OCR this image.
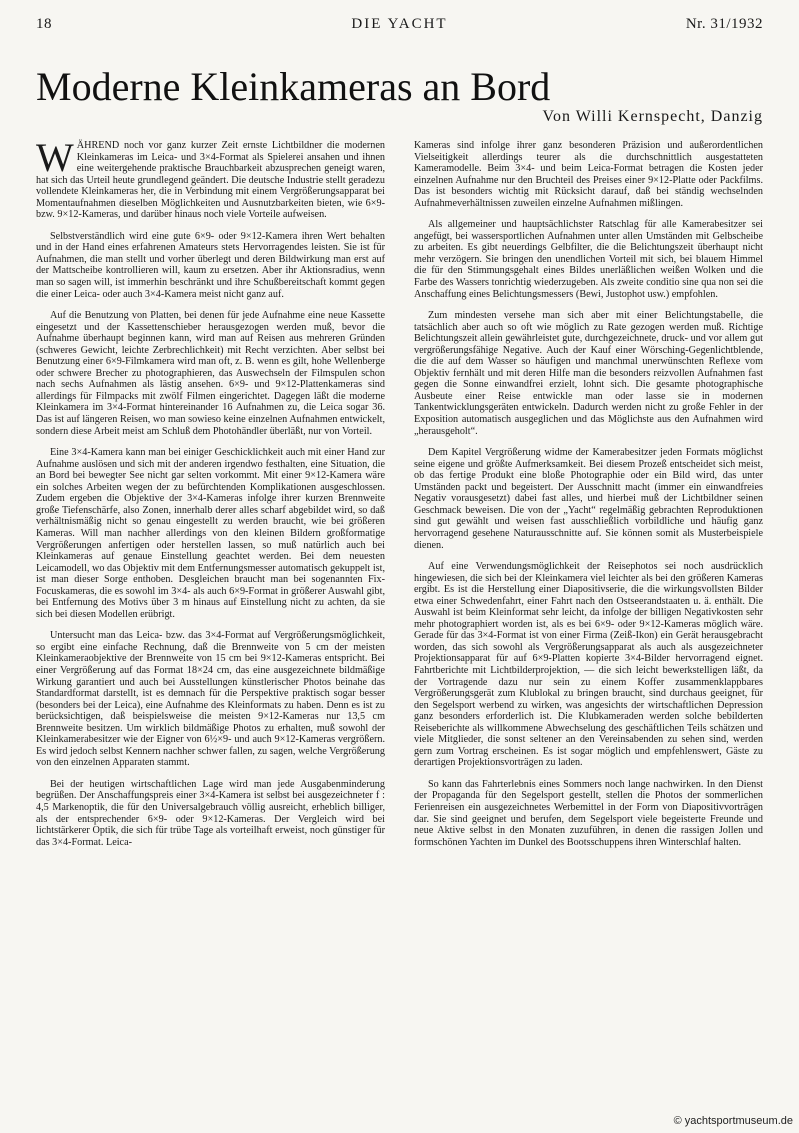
18	DIE YACHT	Nr. 31/1932
Moderne Kleinkameras an Bord
Von Willi Kernspecht, Danzig

WÄHREND noch vor ganz kurzer Zeit ernste Lichtbildner die modernen Kleinkameras im Leica- und 3×4-Format als Spielerei ansahen und ihnen eine weitergehende praktische Brauchbarkeit abzusprechen geneigt waren, hat sich das Urteil heute grundlegend geändert. Die deutsche Industrie stellt geradezu vollendete Kleinkameras her, die in Verbindung mit einem Vergrößerungsapparat bei Momentaufnahmen dieselben Möglichkeiten und Ausnutzbarkeiten bieten, wie 6×9- bzw. 9×12-Kameras, und darüber hinaus noch viele Vorteile aufweisen.

Selbstverständlich wird eine gute 6×9- oder 9×12-Kamera ihren Wert behalten und in der Hand eines erfahrenen Amateurs stets Hervorragendes leisten. Sie ist für Aufnahmen, die man stellt und vorher überlegt und deren Bildwirkung man erst auf der Mattscheibe kontrollieren will, kaum zu ersetzen. Aber ihr Aktionsradius, wenn man so sagen will, ist immerhin beschränkt und ihre Schußbereitschaft kommt gegen die einer Leica- oder auch 3×4-Kamera meist nicht ganz auf.

Auf die Benutzung von Platten, bei denen für jede Aufnahme eine neue Kassette eingesetzt und der Kassettenschieber herausgezogen werden muß, bevor die Aufnahme überhaupt beginnen kann, wird man auf Reisen aus mehreren Gründen (schweres Gewicht, leichte Zerbrechlichkeit) mit Recht verzichten. Aber selbst bei Benutzung einer 6×9-Filmkamera wird man oft, z. B. wenn es gilt, hohe Wellenberge oder schwere Brecher zu photographieren, das Auswechseln der Filmspulen schon nach sechs Aufnahmen als lästig ansehen. 6×9- und 9×12-Plattenkameras sind allerdings für Filmpacks mit zwölf Filmen eingerichtet. Dagegen läßt die moderne Kleinkamera im 3×4-Format hintereinander 16 Aufnahmen zu, die Leica sogar 36. Das ist auf längeren Reisen, wo man sowieso keine einzelnen Aufnahmen entwickelt, sondern diese Arbeit meist am Schluß dem Photohändler überläßt, nur von Vorteil.

Eine 3×4-Kamera kann man bei einiger Geschicklichkeit auch mit einer Hand zur Aufnahme auslösen und sich mit der anderen irgendwo festhalten, eine Situation, die an Bord bei bewegter See nicht gar selten vorkommt. Mit einer 9×12-Kamera wäre ein solches Arbeiten wegen der zu befürchtenden Komplikationen ausgeschlossen. Zudem ergeben die Objektive der 3×4-Kameras infolge ihrer kurzen Brennweite große Tiefenschärfe, also Zonen, innerhalb derer alles scharf abgebildet wird, so daß verhältnismäßig nicht so genau eingestellt zu werden braucht, wie bei größeren Kameras. Will man nachher allerdings von den kleinen Bildern großformatige Vergrößerungen anfertigen oder herstellen lassen, so muß natürlich auch bei Kleinkameras auf genaue Einstellung geachtet werden. Bei dem neuesten Leicamodell, wo das Objektiv mit dem Entfernungsmesser automatisch gekuppelt ist, ist man dieser Sorge enthoben. Desgleichen braucht man bei sogenannten Fix-Focuskameras, die es sowohl im 3×4- als auch 6×9-Format in größerer Auswahl gibt, bei Entfernung des Motivs über 3 m hinaus auf Einstellung nicht zu achten, da sie sich bei diesen Modellen erübrigt.

Untersucht man das Leica- bzw. das 3×4-Format auf Vergrößerungsmöglichkeit, so ergibt eine einfache Rechnung, daß die Brennweite von 5 cm der meisten Kleinkameraobjektive der Brennweite von 15 cm bei 9×12-Kameras entspricht. Bei einer Vergrößerung auf das Format 18×24 cm, das eine ausgezeichnete bildmäßige Wirkung garantiert und auch bei Ausstellungen künstlerischer Photos beinahe das Standardformat darstellt, ist es demnach für die Perspektive praktisch sogar besser (besonders bei der Leica), eine Aufnahme des Kleinformats zu haben. Denn es ist zu berücksichtigen, daß beispielsweise die meisten 9×12-Kameras nur 13,5 cm Brennweite besitzen. Um wirklich bildmäßige Photos zu erhalten, muß sowohl der Kleinkamerabesitzer wie der Eigner von 6½×9- und auch 9×12-Kameras vergrößern. Es wird jedoch selbst Kennern nachher schwer fallen, zu sagen, welche Vergrößerung von den einzelnen Apparaten stammt.

Bei der heutigen wirtschaftlichen Lage wird man jede Ausgabenminderung begrüßen. Der Anschaffungspreis einer 3×4-Kamera ist selbst bei ausgezeichneter f : 4,5 Markenoptik, die für den Universalgebrauch völlig ausreicht, erheblich billiger, als der entsprechender 6×9- oder 9×12-Kameras. Der Vergleich wird bei lichtstärkerer Optik, die sich für trübe Tage als vorteilhaft erweist, noch günstiger für das 3×4-Format. Leica-

Kameras sind infolge ihrer ganz besonderen Präzision und außerordentlichen Vielseitigkeit allerdings teurer als die durchschnittlich ausgestatteten Kameramodelle. Beim 3×4- und beim Leica-Format betragen die Kosten jeder einzelnen Aufnahme nur den Bruchteil des Preises einer 9×12-Platte oder Packfilms. Das ist besonders wichtig mit Rücksicht darauf, daß bei ständig wechselnden Aufnahmeverhältnissen zuweilen einzelne Aufnahmen mißlingen.

Als allgemeiner und hauptsächlichster Ratschlag für alle Kamerabesitzer sei angefügt, bei wassersportlichen Aufnahmen unter allen Umständen mit Gelbscheibe zu arbeiten. Es gibt neuerdings Gelbfilter, die die Belichtungszeit überhaupt nicht mehr verzögern. Sie bringen den unendlichen Vorteil mit sich, bei blauem Himmel die für den Stimmungsgehalt eines Bildes unerläßlichen weißen Wolken und die Farbe des Wassers tonrichtig wiederzugeben. Als zweite conditio sine qua non sei die Anschaffung eines Belichtungsmessers (Bewi, Justophot usw.) empfohlen.

Zum mindesten versehe man sich aber mit einer Belichtungstabelle, die tatsächlich aber auch so oft wie möglich zu Rate gezogen werden muß. Richtige Belichtungszeit allein gewährleistet gute, durchgezeichnete, druck- und vor allem gut vergrößerungsfähige Negative. Auch der Kauf einer Wörsching-Gegenlichtblende, die die auf dem Wasser so häufigen und manchmal unerwünschten Reflexe vom Objektiv fernhält und mit deren Hilfe man die besonders reizvollen Aufnahmen fast gegen die Sonne einwandfrei erzielt, lohnt sich. Die gesamte photographische Ausbeute einer Reise entwickle man oder lasse sie in modernen Tankentwicklungsgeräten entwickeln. Dadurch werden nicht zu große Fehler in der Exposition automatisch ausgeglichen und das Möglichste aus den Aufnahmen wird „herausgeholt“.

Dem Kapitel Vergrößerung widme der Kamerabesitzer jeden Formats möglichst seine eigene und größte Aufmerksamkeit. Bei diesem Prozeß entscheidet sich meist, ob das fertige Produkt eine bloße Photographie oder ein Bild wird, das unter Umständen packt und begeistert. Der Ausschnitt macht (immer ein einwandfreies Negativ vorausgesetzt) dabei fast alles, und hierbei muß der Lichtbildner seinen Geschmack beweisen. Die von der „Yacht“ regelmäßig gebrachten Reproduktionen sind gut gewählt und weisen fast ausschließlich vorbildliche und häufig ganz hervorragend gesehene Naturausschnitte auf. Sie können somit als Musterbeispiele dienen.

Auf eine Verwendungsmöglichkeit der Reisephotos sei noch ausdrücklich hingewiesen, die sich bei der Kleinkamera viel leichter als bei den größeren Kameras ergibt. Es ist die Herstellung einer Diapositivserie, die die wirkungsvollsten Bilder etwa einer Schwedenfahrt, einer Fahrt nach den Ostseerandstaaten u. ä. enthält. Die Auswahl ist beim Kleinformat sehr leicht, da infolge der billigen Negativkosten sehr mehr photographiert worden ist, als es bei 6×9- oder 9×12-Kameras möglich wäre. Gerade für das 3×4-Format ist von einer Firma (Zeiß-Ikon) ein Gerät herausgebracht worden, das sich sowohl als Vergrößerungsapparat als auch als ausgezeichneter Projektionsapparat für auf 6×9-Platten kopierte 3×4-Bilder hervorragend eignet. Fahrtberichte mit Lichtbilderprojektion, — die sich leicht bewerkstelligen läßt, da der Vortragende dazu nur sein zu einem Koffer zusammenklappbares Vergrößerungsgerät zum Klublokal zu bringen braucht, sind durchaus geeignet, für den Segelsport werbend zu wirken, was angesichts der wirtschaftlichen Depression ganz besonders erforderlich ist. Die Klubkameraden werden solche bebilderten Reiseberichte als willkommene Abwechselung des geschäftlichen Teils schätzen und viele Mitglieder, die sonst seltener an den Vereinsabenden zu sehen sind, werden gern zum Vortrag erscheinen. Es ist sogar möglich und empfehlenswert, Gäste zu derartigen Projektionsvorträgen zu laden.

So kann das Fahrterlebnis eines Sommers noch lange nachwirken. In den Dienst der Propaganda für den Segelsport gestellt, stellen die Photos der sommerlichen Ferienreisen ein ausgezeichnetes Werbemittel in der Form von Diapositivvorträgen dar. Sie sind geeignet und berufen, dem Segelsport viele begeisterte Freunde und neue Aktive selbst in den Monaten zuzuführen, in denen die rassigen Jollen und formschönen Yachten im Dunkel des Bootsschuppens ihren Winterschlaf halten.

© yachtsportmuseum.de
